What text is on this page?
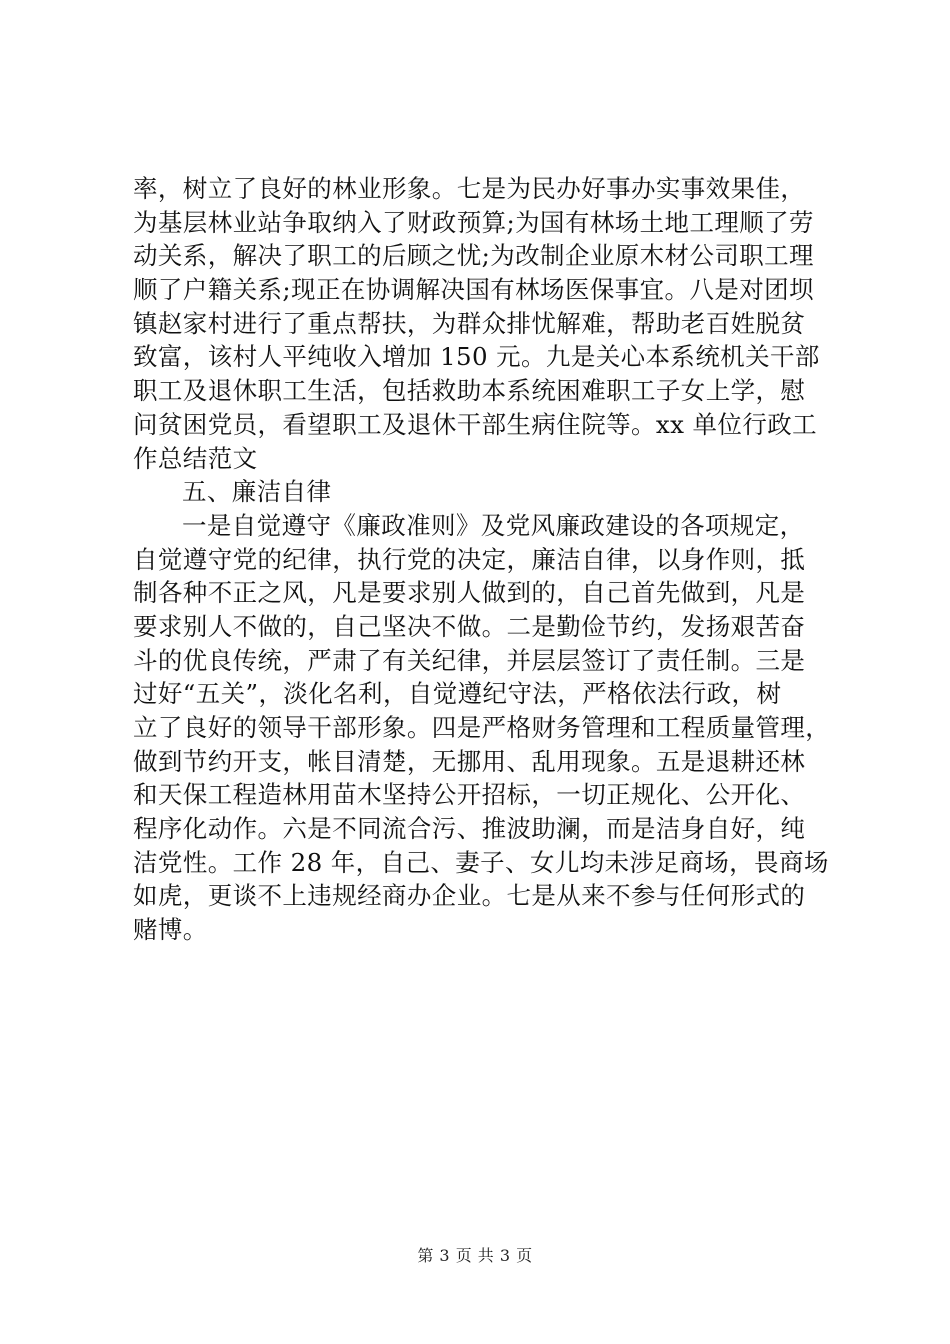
率，树立了良好的林业形象。七是为民办好事办实事效果佳，
为基层林业站争取纳入了财政预算;为国有林场土地工理顺了劳
动关系，解决了职工的后顾之忧;为改制企业原木材公司职工理
顺了户籍关系;现正在协调解决国有林场医保事宜。八是对团坝
镇赵家村进行了重点帮扶，为群众排忧解难，帮助老百姓脱贫
致富，该村人平纯收入增加 150 元。九是关心本系统机关干部
职工及退休职工生活，包括救助本系统困难职工子女上学，慰
问贫困党员，看望职工及退休干部生病住院等。xx 单位行政工
作总结范文
五、廉洁自律
一是自觉遵守《廉政准则》及党风廉政建设的各项规定，
自觉遵守党的纪律，执行党的决定，廉洁自律，以身作则，抵
制各种不正之风，凡是要求别人做到的，自己首先做到，凡是
要求别人不做的，自己坚决不做。二是勤俭节约，发扬艰苦奋
斗的优良传统，严肃了有关纪律，并层层签订了责任制。三是
过好“五关”，淡化名利，自觉遵纪守法，严格依法行政，树
立了良好的领导干部形象。四是严格财务管理和工程质量管理，
做到节约开支，帐目清楚，无挪用、乱用现象。五是退耕还林
和天保工程造林用苗木坚持公开招标，一切正规化、公开化、
程序化动作。六是不同流合污、推波助澜，而是洁身自好，纯
洁党性。工作 28 年，自己、妻子、女儿均未涉足商场，畏商场
如虎，更谈不上违规经商办企业。七是从来不参与任何形式的
赌博。
第 3 页 共 3 页
